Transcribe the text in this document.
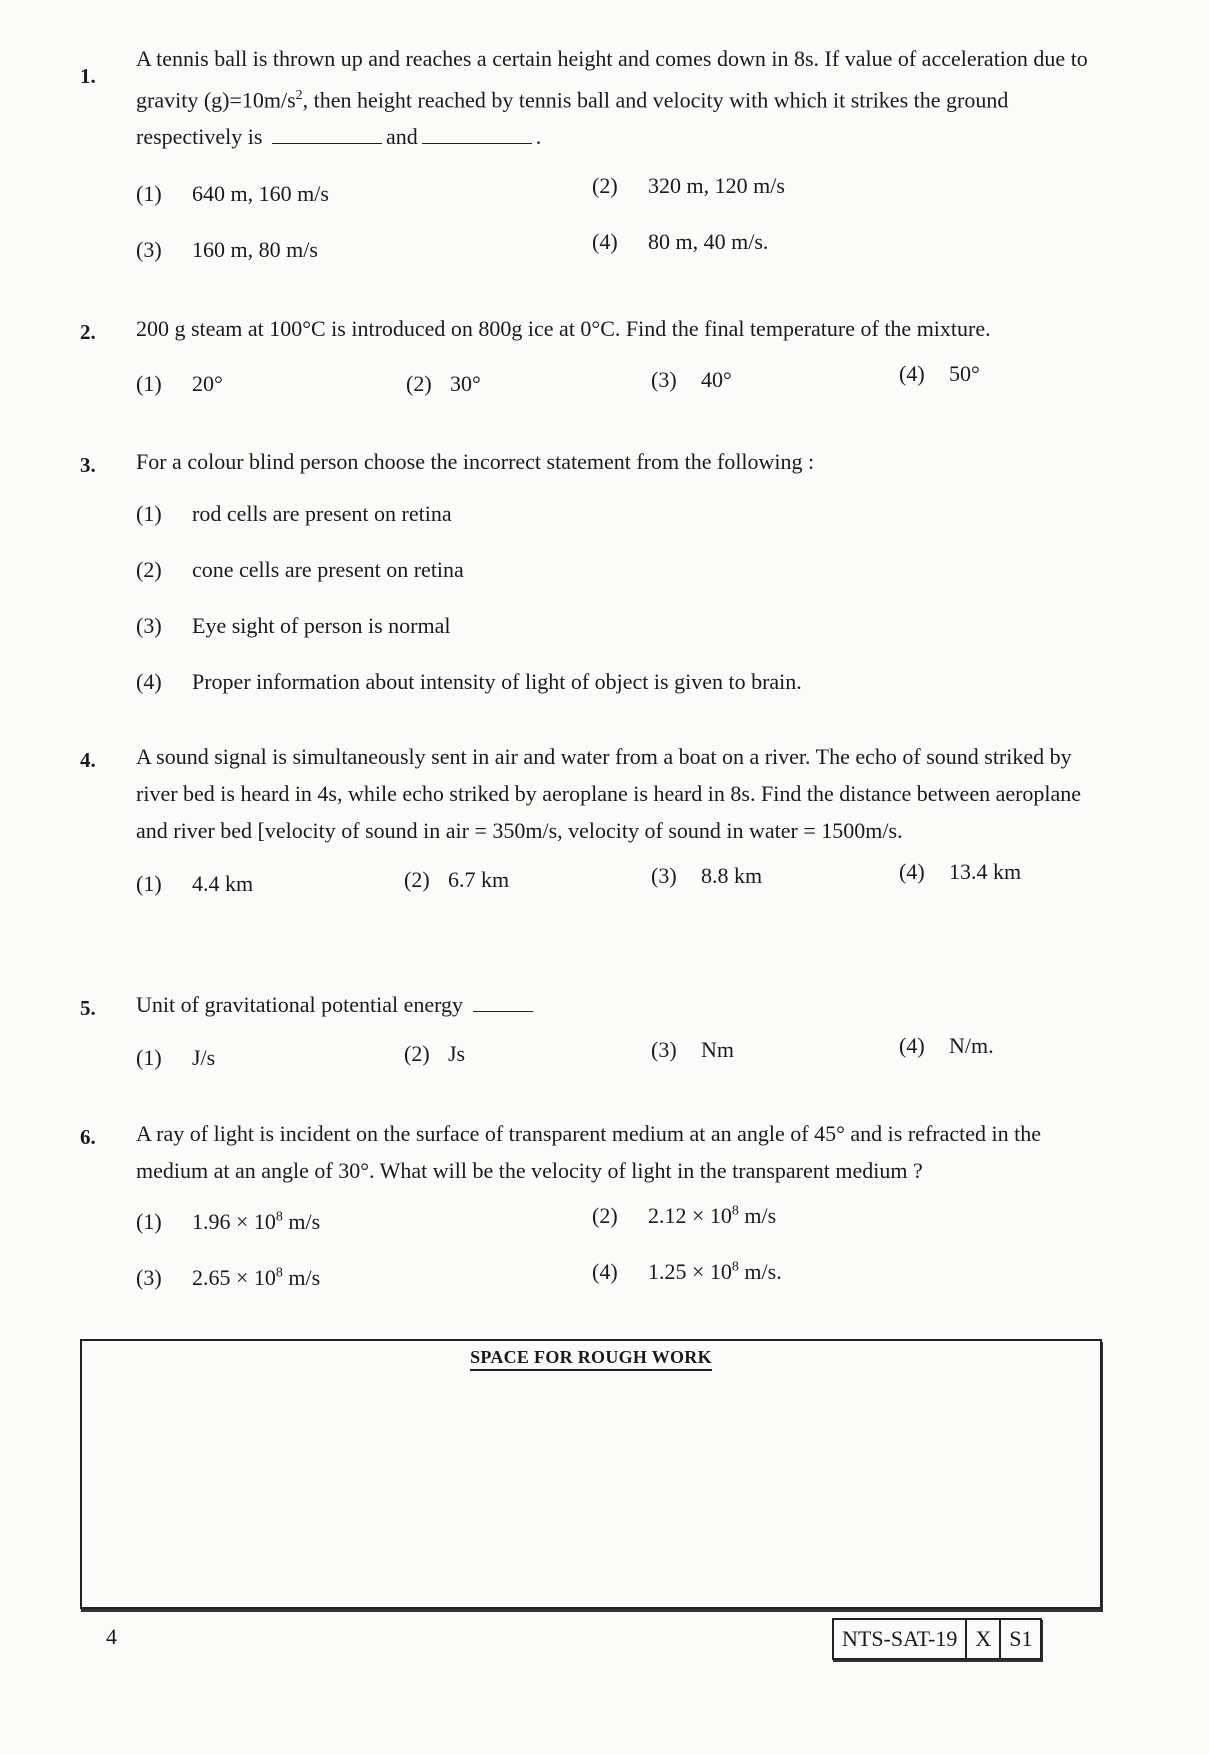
1.
A tennis ball is thrown up and reaches a certain height and comes down in 8s. If value of acceleration due to gravity $(g)=10m/s^2$, then height reached by tennis ball and velocity with which it strikes the ground respectively is	and	.
(1) 640 m, 160 m/s	(2) 320 m, 120 m/s
(3) 160 m, 80 m/s	(4) 80 m, 40 m/s.
2. 200 g steam at 100°C is introduced on 800g ice at 0°C. Find the final temperature of the mixture.
(1) 20°	(2) 30°	(3) 40°	(4) 50°
3. For a colour blind person choose the incorrect statement from the following :
(1) rod cells are present on retina
(2) cone cells are present on retina
(3) Eye sight of person is normal
(4) Proper information about intensity of light of object is given to brain.
4. A sound signal is simultaneously sent in air and water from a boat on a river. The echo of sound striked by river bed is heard in 4s, while echo striked by aeroplane is heard in 8s. Find the distance between aeroplane and river bed [velocity of sound in air = 350m/s, velocity of sound in water = 1500m/s.
(1) 4.4 km	(2) 6.7 km	(3) 8.8 km	(4) 13.4 km
5. Unit of gravitational potential energy
(1) J/s	(2) Js	(3) Nm	(4) N/m.
6. A ray of light is incident on the surface of transparent medium at an angle of 45° and is refracted in the medium at an angle of 30°. What will be the velocity of light in the transparent medium ?
(1) $1.96 \times 10^8$ m/s	(2) $2.12 \times 10^8$ m/s
(3) $2.65 \times 10^8$ m/s	(4) $1.25 \times 10^8$ m/s.
SPACE FOR ROUGH WORK
4	NTS-SAT-19 X S1
